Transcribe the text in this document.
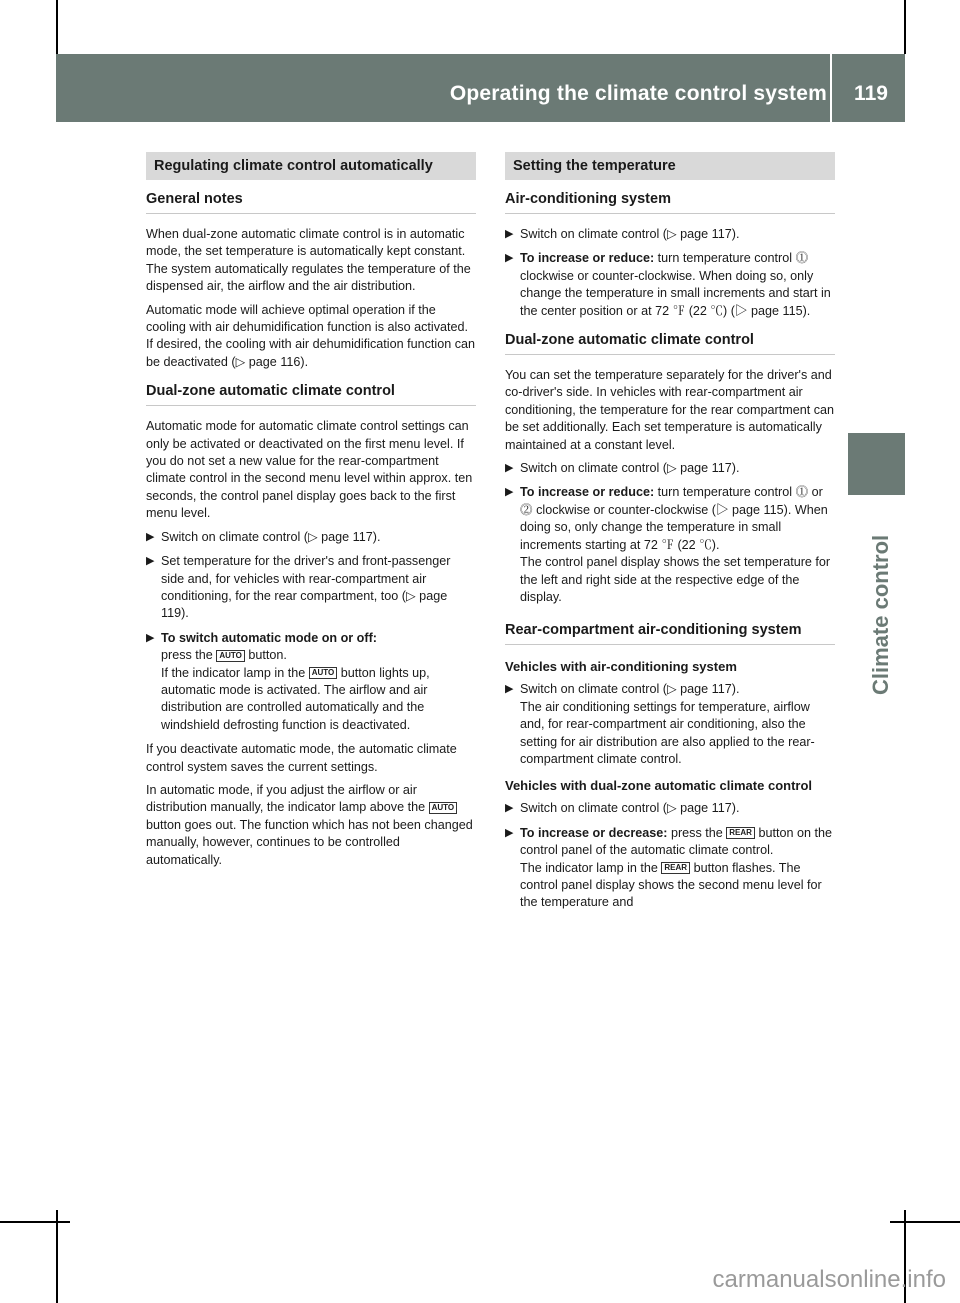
Operating the climate control system	119
Climate control
Regulating climate control automatically
General notes

When dual-zone automatic climate control is in automatic mode, the set temperature is automatically kept constant. The system automatically regulates the temperature of the dispensed air, the airflow and the air distribution.

Automatic mode will achieve optimal operation if the cooling with air dehumidification function is also activated. If desired, the cooling with air dehumidification function can be deactivated (▷ page 116).

Dual-zone automatic climate control

Automatic mode for automatic climate control settings can only be activated or deactivated on the first menu level. If you do not set a new value for the rear-compartment climate control in the second menu level within approx. ten seconds, the control panel display goes back to the first menu level.

▶ Switch on climate control (▷ page 117).
▶ Set temperature for the driver's and front-passenger side and, for vehicles with rear-compartment air conditioning, for the rear compartment, too (▷ page 119).
▶ To switch automatic mode on or off:
press the AUTO button.
If the indicator lamp in the AUTO button lights up, automatic mode is activated. The airflow and air distribution are controlled automatically and the windshield defrosting function is deactivated.

If you deactivate automatic mode, the automatic climate control system saves the current settings.

In automatic mode, if you adjust the airflow or air distribution manually, the indicator lamp above the AUTO button goes out. The function which has not been changed manually, however, continues to be controlled automatically.

Setting the temperature
Air-conditioning system
▶ Switch on climate control (▷ page 117).
▶ To increase or reduce: turn temperature control ⓵ clockwise or counter-clockwise. When doing so, only change the temperature in small increments and start in the center position or at 72 ℉ (22 ℃) (▷ page 115).
Dual-zone automatic climate control

You can set the temperature separately for the driver's and co-driver's side. In vehicles with rear-compartment air conditioning, the temperature for the rear compartment can be set additionally. Each set temperature is automatically maintained at a constant level.

▶ Switch on climate control (▷ page 117).
▶ To increase or reduce: turn temperature control ⓵ or ⓶ clockwise or counter-clockwise (▷ page 115). When doing so, only change the temperature in small increments starting at 72 ℉ (22 ℃).
The control panel display shows the set temperature for the left and right side at the respective edge of the display.
Rear-compartment air-conditioning system
Vehicles with air-conditioning system
▶ Switch on climate control (▷ page 117).
The air conditioning settings for temperature, airflow and, for rear-compartment air conditioning, also the setting for air distribution are also applied to the rear-compartment climate control.
Vehicles with dual-zone automatic climate control
▶ Switch on climate control (▷ page 117).
▶ To increase or decrease: press the REAR button on the control panel of the automatic climate control.
The indicator lamp in the REAR button flashes. The control panel display shows the second menu level for the temperature and
carmanualsonline.info
